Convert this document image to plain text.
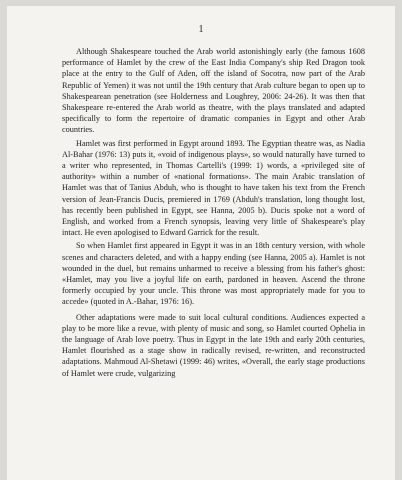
1

Although Shakespeare touched the Arab world astonishingly early (the famous 1608 performance of Hamlet by the crew of the East India Company's ship Red Dragon took place at the entry to the Gulf of Aden, off the island of Socotra, now part of the Arab Republic of Yemen) it was not until the 19th century that Arab culture began to open up to Shakespearean penetration (see Holderness and Loughrey, 2006: 24-26). It was then that Shakespeare re-entered the Arab world as theatre, with the plays translated and adapted specifically to form the repertoire of dramatic companies in Egypt and other Arab countries.

Hamlet was first performed in Egypt around 1893. The Egyptian theatre was, as Nadia Al-Bahar (1976: 13) puts it, «void of indigenous plays», so would naturally have turned to a writer who represented, in Thomas Cartelli's (1999: 1) words, a «privileged site of authority» within a number of «national formations». The main Arabic translation of Hamlet was that of Tanius Abduh, who is thought to have taken his text from the French version of Jean-Francis Ducis, premiered in 1769 (Abduh's translation, long thought lost, has recently been published in Egypt, see Hanna, 2005 b). Ducis spoke not a word of English, and worked from a French synopsis, leaving very little of Shakespeare's play intact. He even apologised to Edward Garrick for the result.

So when Hamlet first appeared in Egypt it was in an 18th century version, with whole scenes and characters deleted, and with a happy ending (see Hanna, 2005 a). Hamlet is not wounded in the duel, but remains unharmed to receive a blessing from his father's ghost: «Hamlet, may you live a joyful life on earth, pardoned in heaven. Ascend the throne formerly occupied by your uncle. This throne was most appropriately made for you to accede» (quoted in A.-Bahar, 1976: 16).

Other adaptations were made to suit local cultural conditions. Audiences expected a play to be more like a revue, with plenty of music and song, so Hamlet courted Ophelia in the language of Arab love poetry. Thus in Egypt in the late 19th and early 20th centuries, Hamlet flourished as a stage show in radically revised, re-written, and reconstructed adaptations. Mahmoud Al-Shetawi (1999: 46) writes, «Overall, the early stage productions of Hamlet were crude, vulgarizing
